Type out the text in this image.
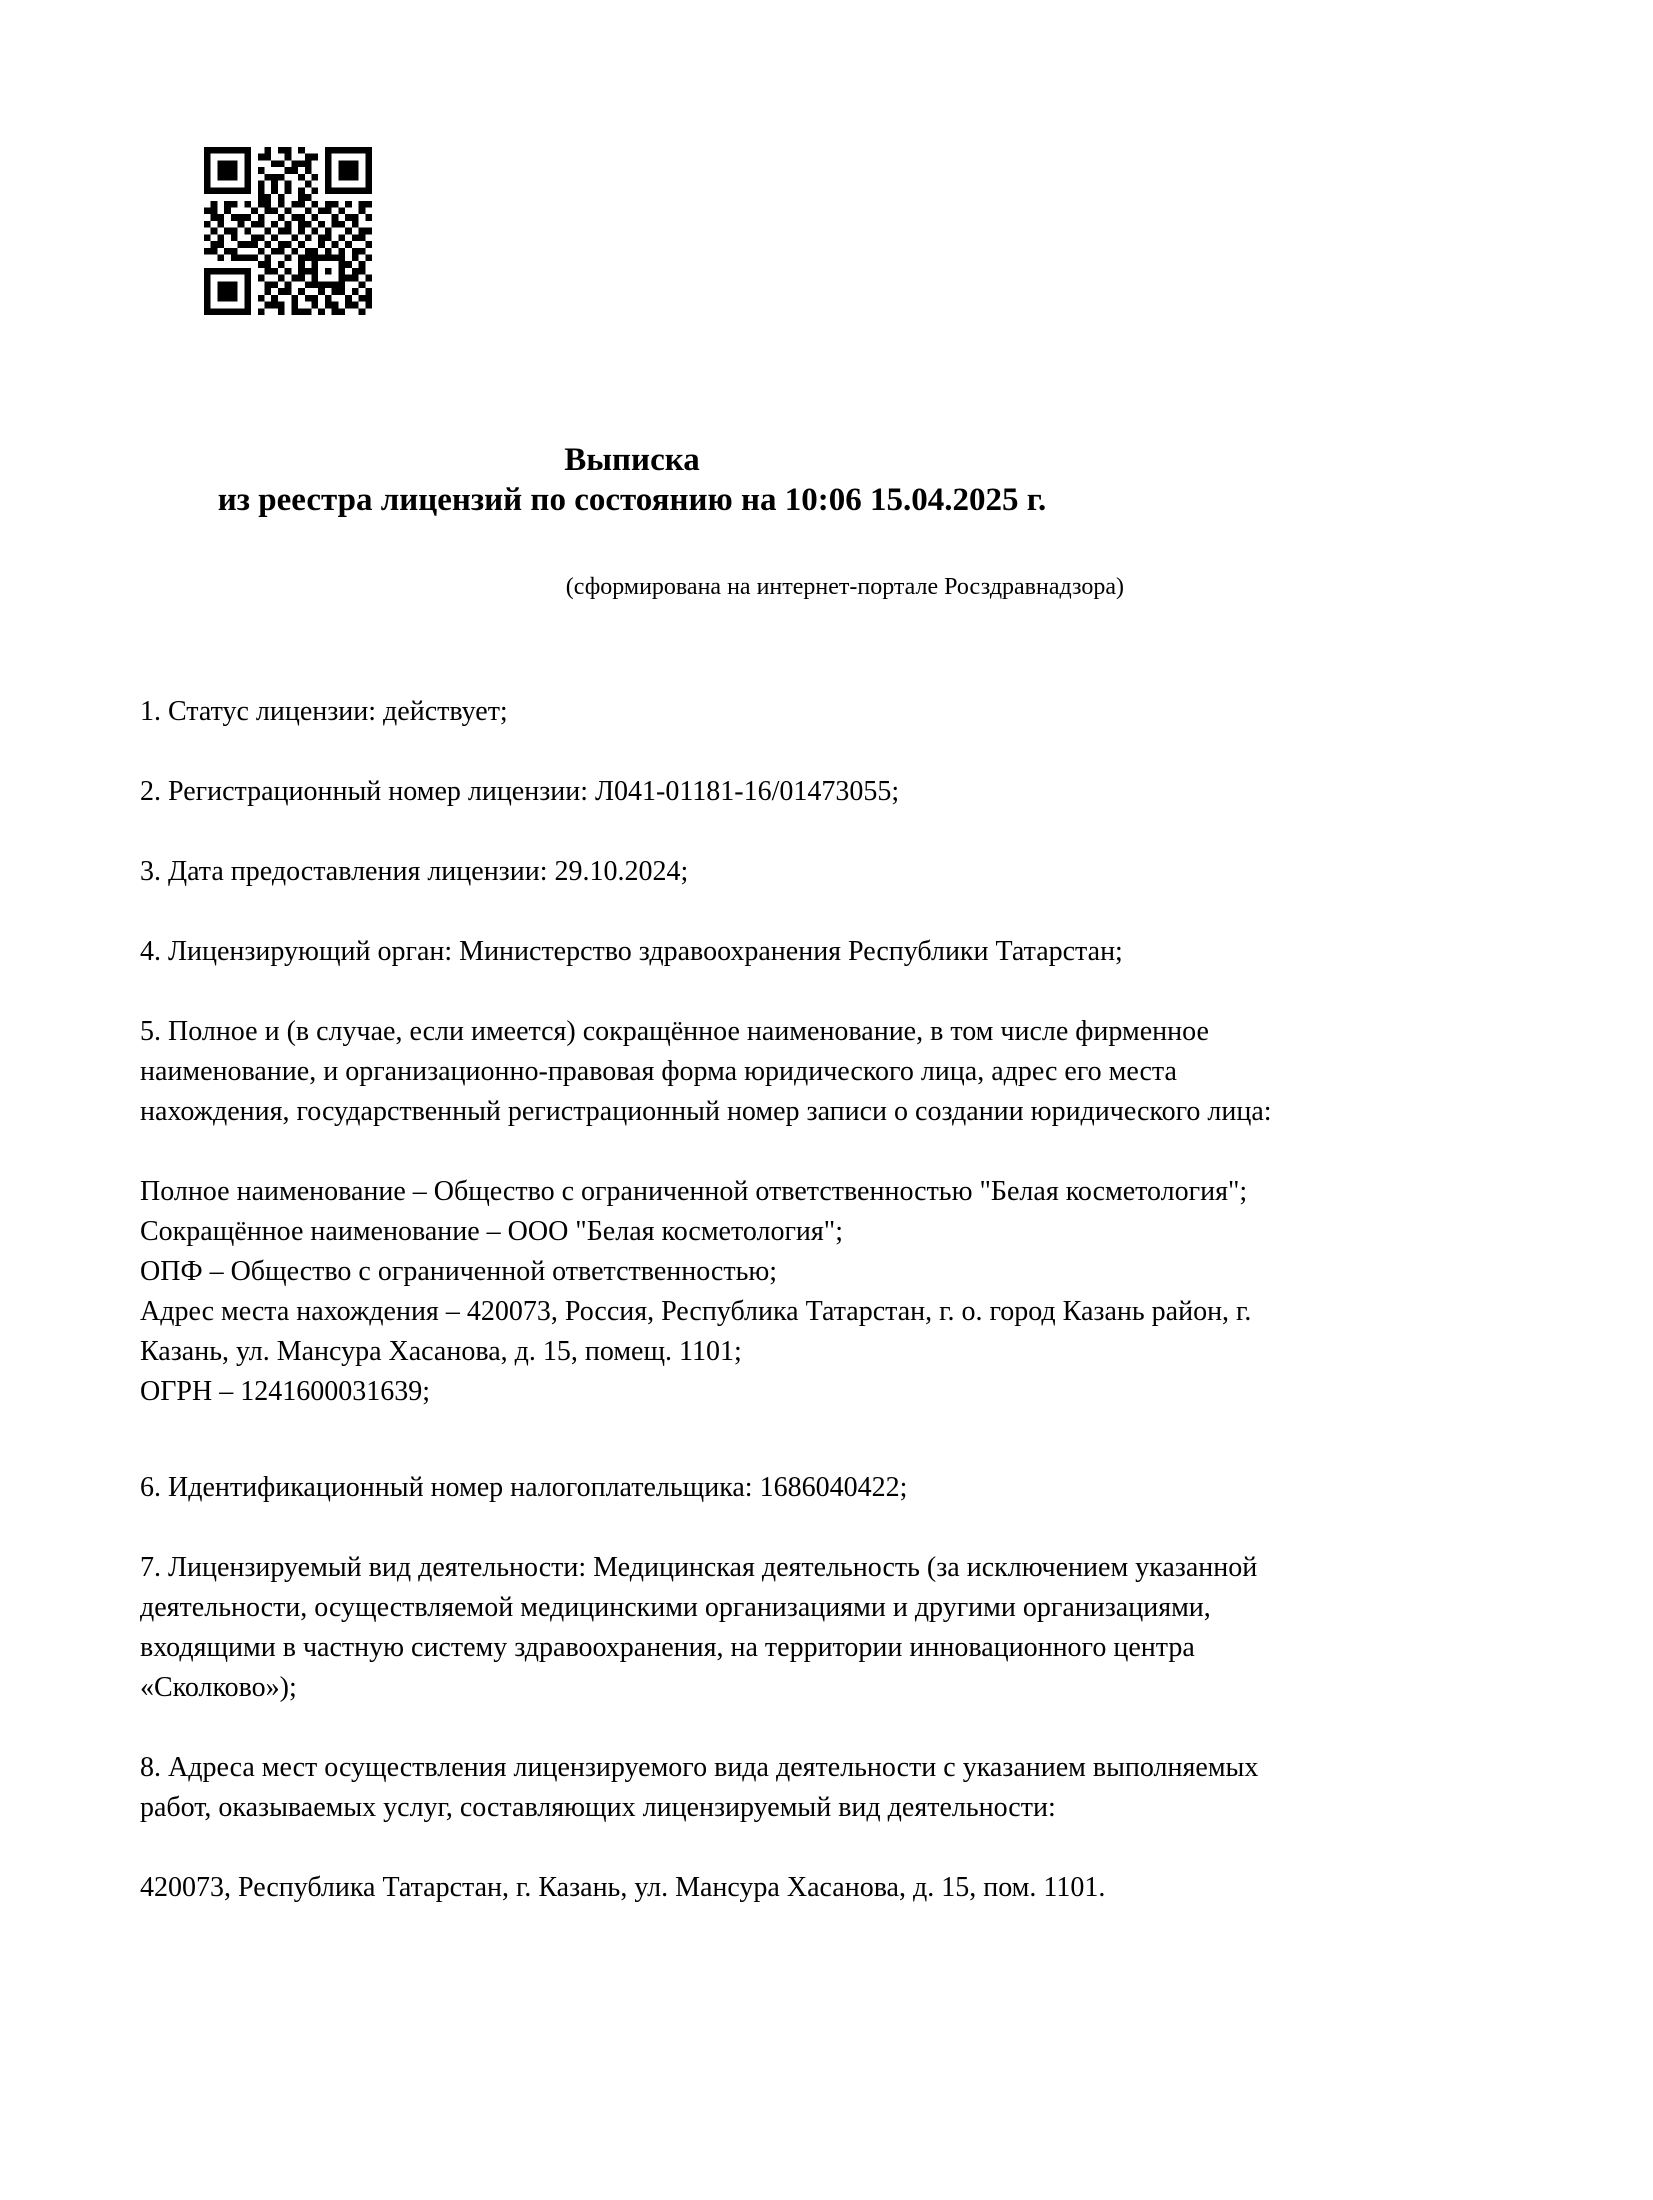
Выписка
из реестра лицензий по состоянию на 10:06 15.04.2025 г.
(сформирована на интернет-портале Росздравнадзора)
1. Статус лицензии: действует;
2. Регистрационный номер лицензии: Л041-01181-16/01473055;
3. Дата предоставления лицензии: 29.10.2024;
4. Лицензирующий орган: Министерство здравоохранения Республики Татарстан;
5. Полное и (в случае, если имеется) сокращённое наименование, в том числе фирменное
наименование, и организационно-правовая форма юридического лица, адрес его места
нахождения, государственный регистрационный номер записи о создании юридического лица:
Полное наименование – Общество с ограниченной ответственностью "Белая косметология";
Сокращённое наименование – ООО "Белая косметология";
ОПФ – Общество с ограниченной ответственностью;
Адрес места нахождения – 420073, Россия, Республика Татарстан, г. о. город Казань район, г.
Казань, ул. Мансура Хасанова, д. 15, помещ. 1101;
ОГРН – 1241600031639;
6. Идентификационный номер налогоплательщика: 1686040422;
7. Лицензируемый вид деятельности: Медицинская деятельность (за исключением указанной
деятельности, осуществляемой медицинскими организациями и другими организациями,
входящими в частную систему здравоохранения, на территории инновационного центра
«Сколково»);
8. Адреса мест осуществления лицензируемого вида деятельности с указанием выполняемых
работ, оказываемых услуг, составляющих лицензируемый вид деятельности:
420073, Республика Татарстан, г. Казань, ул. Мансура Хасанова, д. 15, пом. 1101.
